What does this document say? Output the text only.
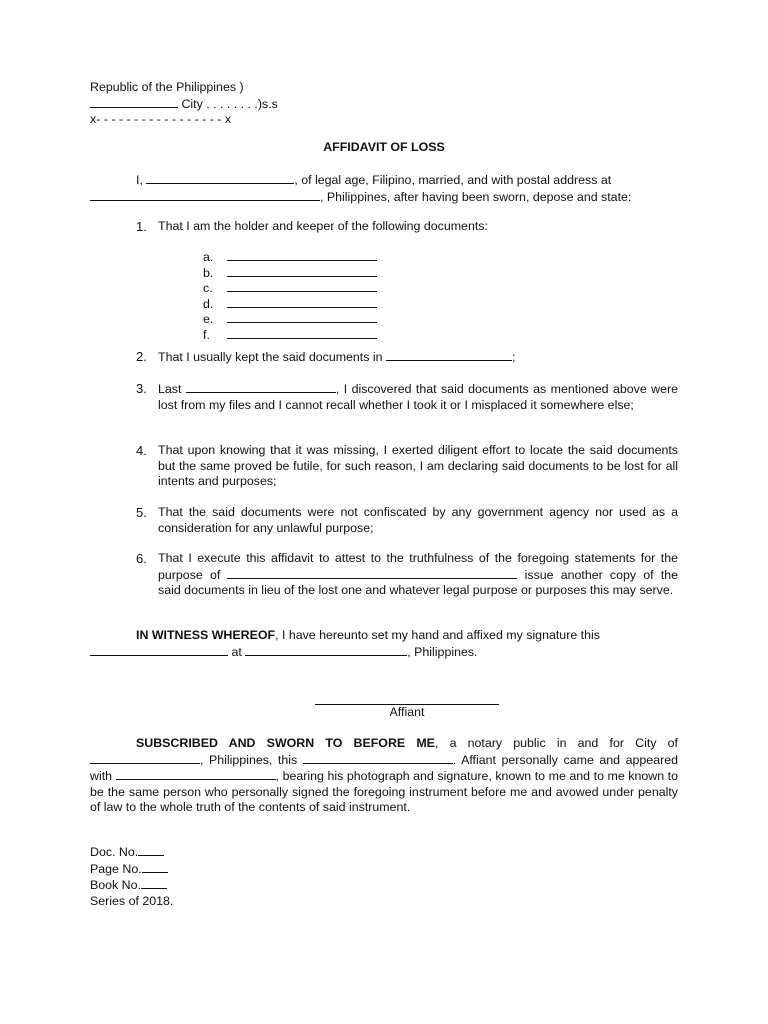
Republic of the Philippines )
City . . . . . . . .)s.s
x- - - - - - - - - - - - - - - - - x
AFFIDAVIT OF LOSS
I,	, of legal age, Filipino, married, and with postal address at
, Philippines, after having been sworn, depose and state:
1. That I am the holder and keeper of the following documents:
a.
b.
c.
d.
e.
f.
2. That I usually kept the said documents in	;
3. Last	, I discovered that said documents as mentioned above were lost from my files and I cannot recall whether I took it or I misplaced it somewhere else;
4. That upon knowing that it was missing, I exerted diligent effort to locate the said documents but the same proved be futile, for such reason, I am declaring said documents to be lost for all intents and purposes;
5. That the said documents were not confiscated by any government agency nor used as a consideration for any unlawful purpose;
6. That I execute this affidavit to attest to the truthfulness of the foregoing statements for the purpose of	issue another copy of the said documents in lieu of the lost one and whatever legal purpose or purposes this may serve.
IN WITNESS WHEREOF, I have hereunto set my hand and affixed my signature this
at	, Philippines.
Affiant
SUBSCRIBED AND SWORN TO BEFORE ME, a notary public in and for City of , Philippines, this	. Affiant personally came and appeared with	, bearing his photograph and signature, known to me and to me known to be the same person who personally signed the foregoing instrument before me and avowed under penalty of law to the whole truth of the contents of said instrument.
Doc. No.
Page No.
Book No.
Series of 2018.
